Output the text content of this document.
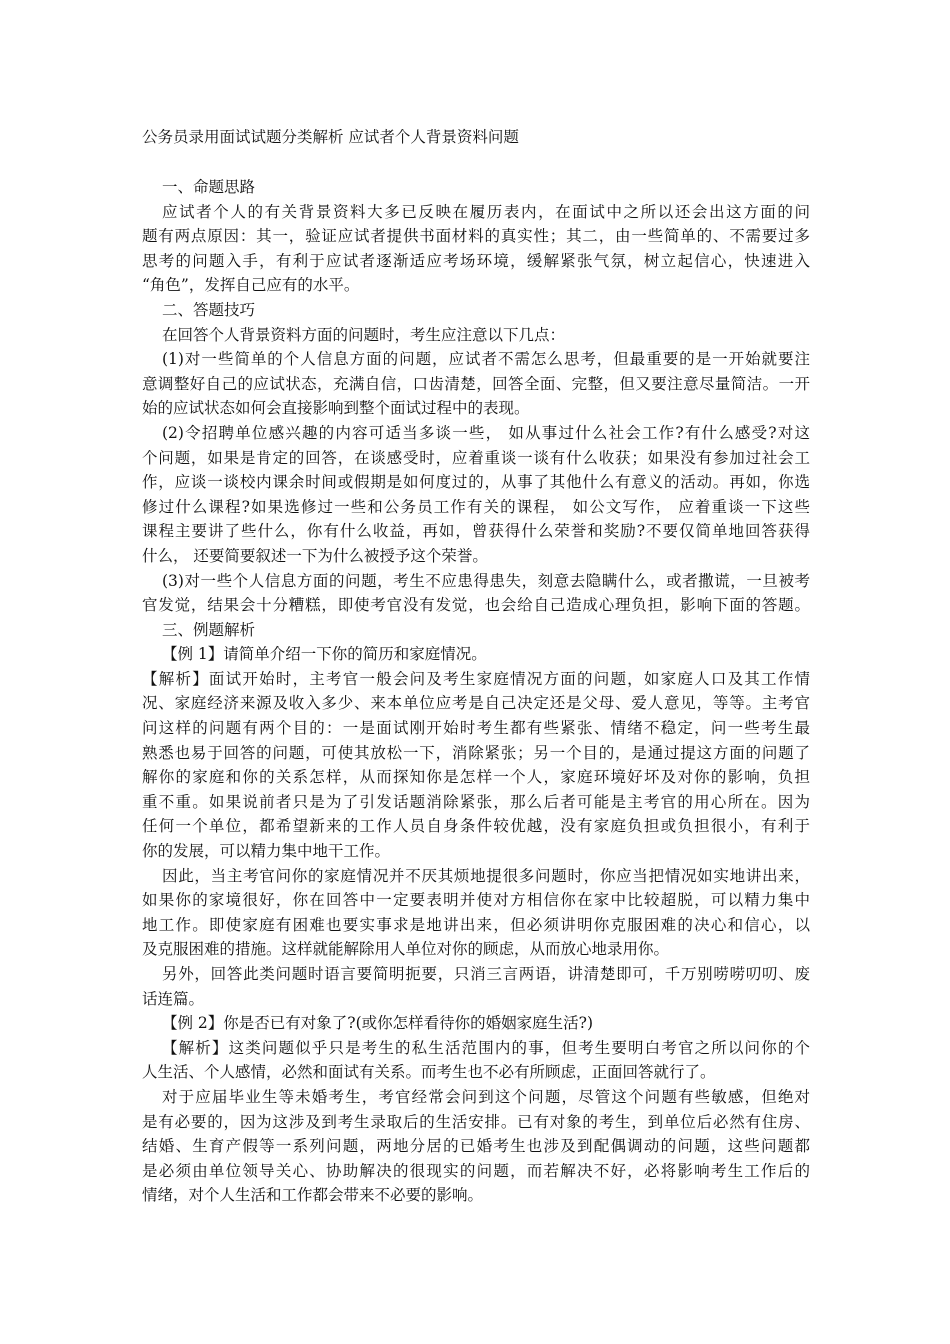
公务员录用面试试题分类解析 应试者个人背景资料问题
一、命题思路
应试者个人的有关背景资料大多已反映在履历表内，在面试中之所以还会出这方面的问
题有两点原因：其一，验证应试者提供书面材料的真实性；其二，由一些简单的、不需要过多
思考的问题入手，有利于应试者逐渐适应考场环境，缓解紧张气氛，树立起信心，快速进入
“角色”，发挥自己应有的水平。
二、答题技巧
在回答个人背景资料方面的问题时，考生应注意以下几点：
(1)对一些简单的个人信息方面的问题，应试者不需怎么思考，但最重要的是一开始就要注
意调整好自己的应试状态，充满自信，口齿清楚，回答全面、完整，但又要注意尽量简洁。一开
始的应试状态如何会直接影响到整个面试过程中的表现。
(2)令招聘单位感兴趣的内容可适当多谈一些， 如从事过什么社会工作?有什么感受?对这
个问题，如果是肯定的回答，在谈感受时，应着重谈一谈有什么收获；如果没有参加过社会工
作，应谈一谈校内课余时间或假期是如何度过的，从事了其他什么有意义的活动。再如，你选
修过什么课程?如果选修过一些和公务员工作有关的课程， 如公文写作， 应着重谈一下这些
课程主要讲了些什么，你有什么收益，再如，曾获得什么荣誉和奖励?不要仅简单地回答获得
什么， 还要简要叙述一下为什么被授予这个荣誉。
(3)对一些个人信息方面的问题，考生不应患得患失，刻意去隐瞒什么，或者撒谎，一旦被考
官发觉，结果会十分糟糕，即使考官没有发觉，也会给自己造成心理负担，影响下面的答题。
三、例题解析
【例 1】请简单介绍一下你的简历和家庭情况。
【解析】面试开始时，主考官一般会问及考生家庭情况方面的问题，如家庭人口及其工作情
况、家庭经济来源及收入多少、来本单位应考是自己决定还是父母、爱人意见，等等。主考官
问这样的问题有两个目的：一是面试刚开始时考生都有些紧张、情绪不稳定，问一些考生最
熟悉也易于回答的问题，可使其放松一下，消除紧张；另一个目的，是通过提这方面的问题了
解你的家庭和你的关系怎样，从而探知你是怎样一个人，家庭环境好坏及对你的影响，负担
重不重。如果说前者只是为了引发话题消除紧张，那么后者可能是主考官的用心所在。因为
任何一个单位，都希望新来的工作人员自身条件较优越，没有家庭负担或负担很小，有利于
你的发展，可以精力集中地干工作。
因此，当主考官问你的家庭情况并不厌其烦地提很多问题时，你应当把情况如实地讲出来，
如果你的家境很好，你在回答中一定要表明并使对方相信你在家中比较超脱，可以精力集中
地工作。即使家庭有困难也要实事求是地讲出来，但必须讲明你克服困难的决心和信心，以
及克服困难的措施。这样就能解除用人单位对你的顾虑，从而放心地录用你。
另外，回答此类问题时语言要简明扼要，只消三言两语，讲清楚即可，千万别唠唠叨叨、废
话连篇。
【例 2】你是否已有对象了?(或你怎样看待你的婚姻家庭生活?)
【解析】这类问题似乎只是考生的私生活范围内的事，但考生要明白考官之所以问你的个
人生活、个人感情，必然和面试有关系。而考生也不必有所顾虑，正面回答就行了。
对于应届毕业生等未婚考生，考官经常会问到这个问题，尽管这个问题有些敏感，但绝对
是有必要的，因为这涉及到考生录取后的生活安排。已有对象的考生，到单位后必然有住房、
结婚、生育产假等一系列问题，两地分居的已婚考生也涉及到配偶调动的问题，这些问题都
是必须由单位领导关心、协助解决的很现实的问题，而若解决不好，必将影响考生工作后的
情绪，对个人生活和工作都会带来不必要的影响。
